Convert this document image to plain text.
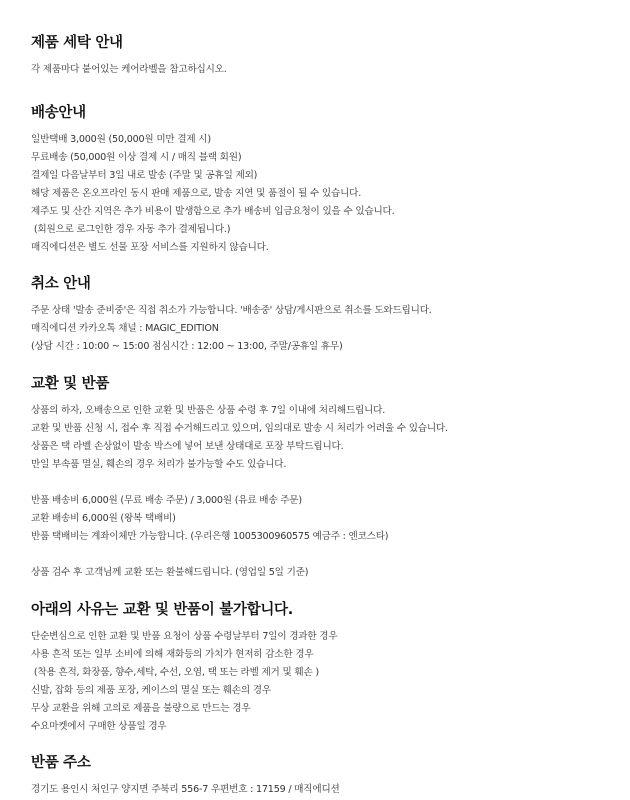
제품 세탁 안내
각 제품마다 붙어있는 케어라벨을 참고하십시오.
배송안내
일반택배 3,000원 (50,000원 미만 결제 시)
무료배송 (50,000원 이상 결제 시 / 매직 블랙 회원)
결제일 다음날부터 3일 내로 발송 (주말 및 공휴일 제외)
해당 제품은 온오프라인 동시 판매 제품으로, 발송 지연 및 품절이 될 수 있습니다.
제주도 및 산간 지역은 추가 비용이 발생함으로 추가 배송비 입금요청이 있을 수 있습니다.
(회원으로 로그인한 경우 자동 추가 결제됩니다.)
매직에디션은 별도 선물 포장 서비스를 지원하지 않습니다.
취소 안내
주문 상태 '발송 준비중'은 직접 취소가 가능합니다. '배송중' 상담/게시판으로 취소를 도와드립니다.
매직에디션 카카오톡 채널 : MAGIC_EDITION
(상담 시간 : 10:00 ~ 15:00 점심시간 : 12:00 ~ 13:00, 주말/공휴일 휴무)
교환 및 반품
상품의 하자, 오배송으로 인한 교환 및 반품은 상품 수령 후 7일 이내에 처리해드립니다.
교환 및 반품 신청 시, 접수 후 직접 수거해드리고 있으며, 임의대로 발송 시 처리가 어려울 수 있습니다.
상품은 택 라벨 손상없이 발송 박스에 넣어 보낸 상태대로 포장 부탁드립니다.
만일 부속품 멸실, 훼손의 경우 처리가 불가능할 수도 있습니다.
반품 배송비 6,000원 (무료 배송 주문) / 3,000원 (유료 배송 주문)
교환 배송비 6,000원 (왕복 택배비)
반품 택배비는 계좌이체만 가능합니다. (우리은행 1005300960575 예금주 : 엔코스타)
상품 검수 후 고객님께 교환 또는 환불해드립니다. (영업일 5일 기준)
아래의 사유는 교환 및 반품이 불가합니다.
단순변심으로 인한 교환 및 반품 요청이 상품 수령날부터 7일이 경과한 경우
사용 흔적 또는 일부 소비에 의해 재화등의 가치가 현저히 감소한 경우
(착용 흔적, 화장품, 향수,세탁, 수선, 오염, 택 또는 라벨 제거 및 훼손 )
신발, 잡화 등의 제품 포장, 케이스의 멸실 또는 훼손의 경우
무상 교환을 위해 고의로 제품을 불량으로 만드는 경우
수요마켓에서 구매한 상품일 경우
반품 주소
경기도 용인시 처인구 양지면 주북리 556-7 우편번호 : 17159 / 매직에디션
